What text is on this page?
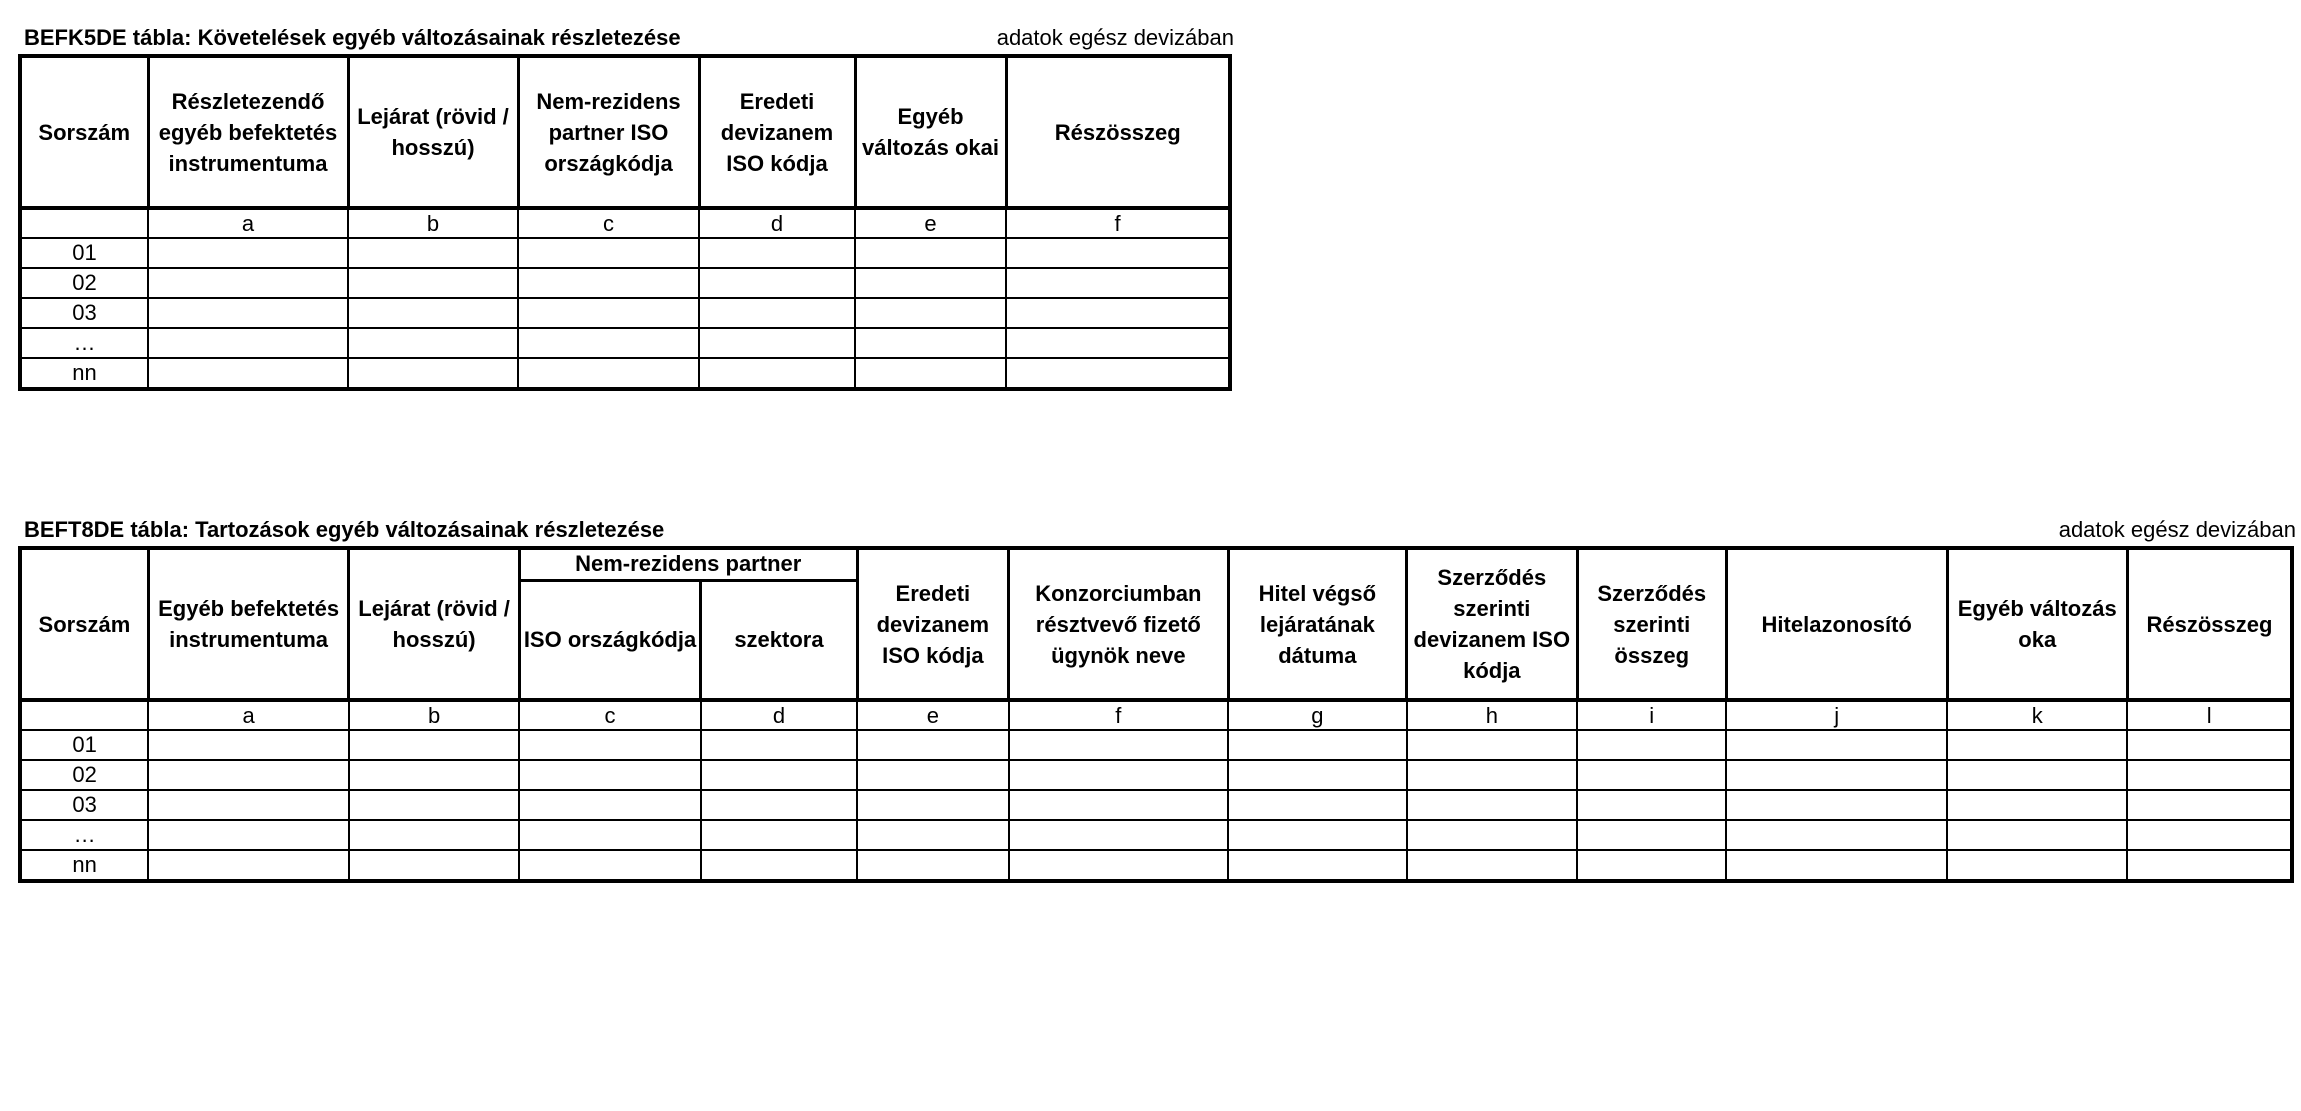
BEFK5DE tábla: Követelések egyéb változásainak részletezése	adatok egész devizában
Sorszám	Részletezendő egyéb befektetés instrumentuma	Lejárat (rövid / hosszú)	Nem-rezidens partner ISO országkódja	Eredeti devizanem ISO kódja	Egyéb változás okai	Részösszeg
	a	b	c	d	e	f
01						
02						
03						
…						
nn						
BEFT8DE tábla: Tartozások egyéb változásainak részletezése	adatok egész devizában
Sorszám	Egyéb befektetés instrumentuma	Lejárat (rövid / hosszú)	Nem-rezidens partner		Eredeti devizanem ISO kódja	Konzorciumban résztvevő fizető ügynök neve	Hitel végső lejáratának dátuma	Szerződés szerinti devizanem ISO kódja	Szerződés szerinti összeg	Hitelazonosító	Egyéb változás oka	Részösszeg
			ISO országkódja	szektora								
	a	b	c	d	e	f	g	h	i	j	k	l
01												
02												
03												
…												
nn												
